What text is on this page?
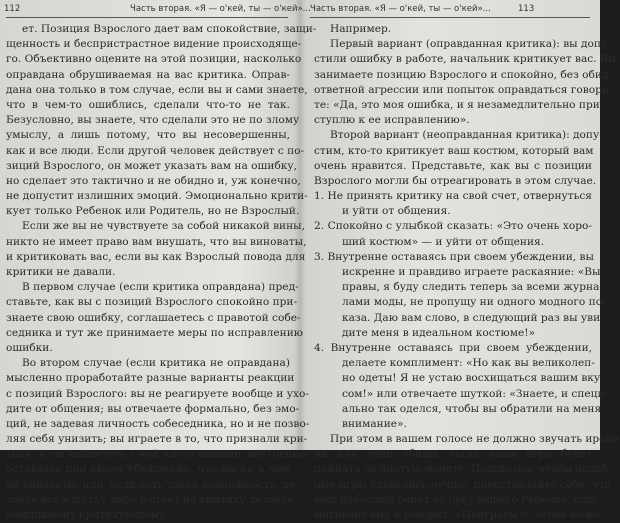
112	Часть вторая. «Я — о'кей, ты — о'кей»...
ет. Позиция Взрослого дает вам спокойствие, защи-
щенность и беспристрастное видение происходяще-
го. Объективно оцените на этой позиции, насколько
оправдана обрушиваемая на вас критика. Оправ-
дана она только в том случае, если вы и сами знаете,
что в чем-то ошиблись, сделали что-то не так.
Безусловно, вы знаете, что сделали это не по злому
умыслу, а лишь потому, что вы несовершенны,
как и все люди. Если другой человек действует с по-
зиций Взрослого, он может указать вам на ошибку,
но сделает это тактично и не обидно и, уж конечно,
не допустит излишних эмоций. Эмоционально крити-
кует только Ребенок или Родитель, но не Взрослый.
Если же вы не чувствуете за собой никакой вины,
никто не имеет право вам внушать, что вы виноваты,
и критиковать вас, если вы как Взрослый повода для
критики не давали.
В первом случае (если критика оправдана) пред-
ставьте, как вы с позиций Взрослого спокойно при-
знаете свою ошибку, соглашаетесь с правотой собе-
седника и тут же принимаете меры по исправлению
ошибки.
Во втором случае (если критика не оправдана)
мысленно проработайте разные варианты реакции
с позиций Взрослого: вы не реагируете вообще и ухо-
дите от общения; вы отвечаете формально, без эмо-
ций, не задевая личность собеседника, но и не позво-
ляя себя унизить; вы играете в то, что признали кри-
тику, и соглашаетесь с ней чисто внешне, внутренне
оставаясь при своем убеждении, что вы ни в чем
не виноваты; или, если есть такая возможность, де-
лаете все в шутку либо в ответ на критику делаете
комплимент критикующему.
Часть вторая. «Я — о'кей, ты — о'кей»...	113
Например.
Первый вариант (оправданная критика): вы допу-
стили ошибку в работе, начальник критикует вас. Вы
занимаете позицию Взрослого и спокойно, без обид,
ответной агрессии или попыток оправдаться говори-
те: «Да, это моя ошибка, и я незамедлительно при-
ступлю к ее исправлению».
Второй вариант (неоправданная критика): допу-
стим, кто-то критикует ваш костюм, который вам
очень нравится. Представьте, как вы с позиции
Взрослого могли бы отреагировать в этом случае.
1. Не принять критику на свой счет, отвернуться
и уйти от общения.
2. Спокойно с улыбкой сказать: «Это очень хоро-
ший костюм» — и уйти от общения.
3. Внутренне оставаясь при своем убеждении, вы
искренне и правдиво играете раскаяние: «Вы
правы, я буду следить теперь за всеми журна-
лами моды, не пропущу ни одного модного по-
каза. Даю вам слово, в следующий раз вы уви-
дите меня в идеальном костюме!»
4. Внутренне оставаясь при своем убеждении,
делаете комплимент: «Но как вы великолеп-
но одеты! Я не устаю восхищаться вашим вку-
сом!» или отвечаете шуткой: «Знаете, и специ-
ально так оделся, чтобы вы обратили на меня
внимание».
При этом в вашем голосе не должно звучать ирони
ии или тени обиды, тогда ваша игра будет
принята за чистую монету. Подсказка: чтобы подоб-
ные игры удавались лучше, представляйте себе, что
ваш Взрослый берет за руку вашего Ребенка, под-
мигивает ему и говорит: «Поиграем?» Затем можe-
